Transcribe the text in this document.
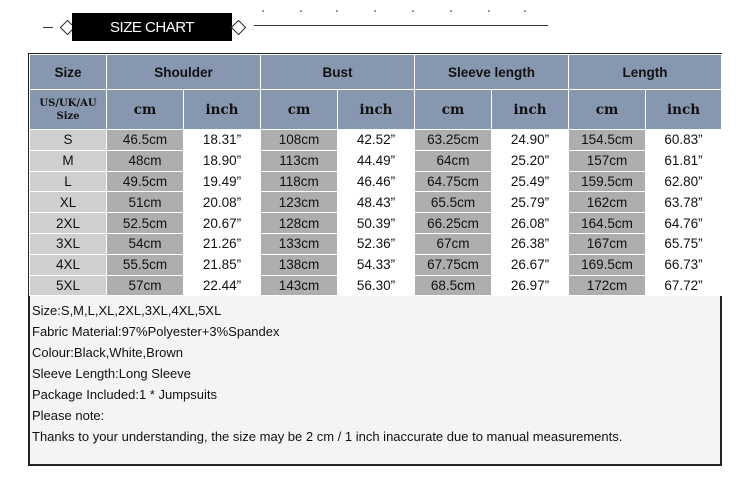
SIZE CHART
Size	Shoulder		Bust		Sleeve length		Length	

US/UK/AU
Size	cm	inch	cm	inch	cm	inch	cm	inch
S	46.5cm	18.31”	108cm	42.52”	63.25cm	24.90”	154.5cm	60.83”
M	48cm	18.90”	113cm	44.49”	64cm	25.20”	157cm	61.81”
L	49.5cm	19.49”	118cm	46.46”	64.75cm	25.49”	159.5cm	62.80”
XL	51cm	20.08”	123cm	48.43”	65.5cm	25.79”	162cm	63.78”
2XL	52.5cm	20.67”	128cm	50.39”	66.25cm	26.08”	164.5cm	64.76”
3XL	54cm	21.26”	133cm	52.36”	67cm	26.38”	167cm	65.75”
4XL	55.5cm	21.85”	138cm	54.33”	67.75cm	26.67”	169.5cm	66.73”
5XL	57cm	22.44”	143cm	56.30”	68.5cm	26.97”	172cm	67.72”
Size:S,M,L,XL,2XL,3XL,4XL,5XL
Fabric Material:97%Polyester+3%Spandex
Colour:Black,White,Brown
Sleeve Length:Long Sleeve
Package Included:1 * Jumpsuits
Please note:
Thanks to your understanding, the size may be 2 cm / 1 inch inaccurate due to manual measurements.
